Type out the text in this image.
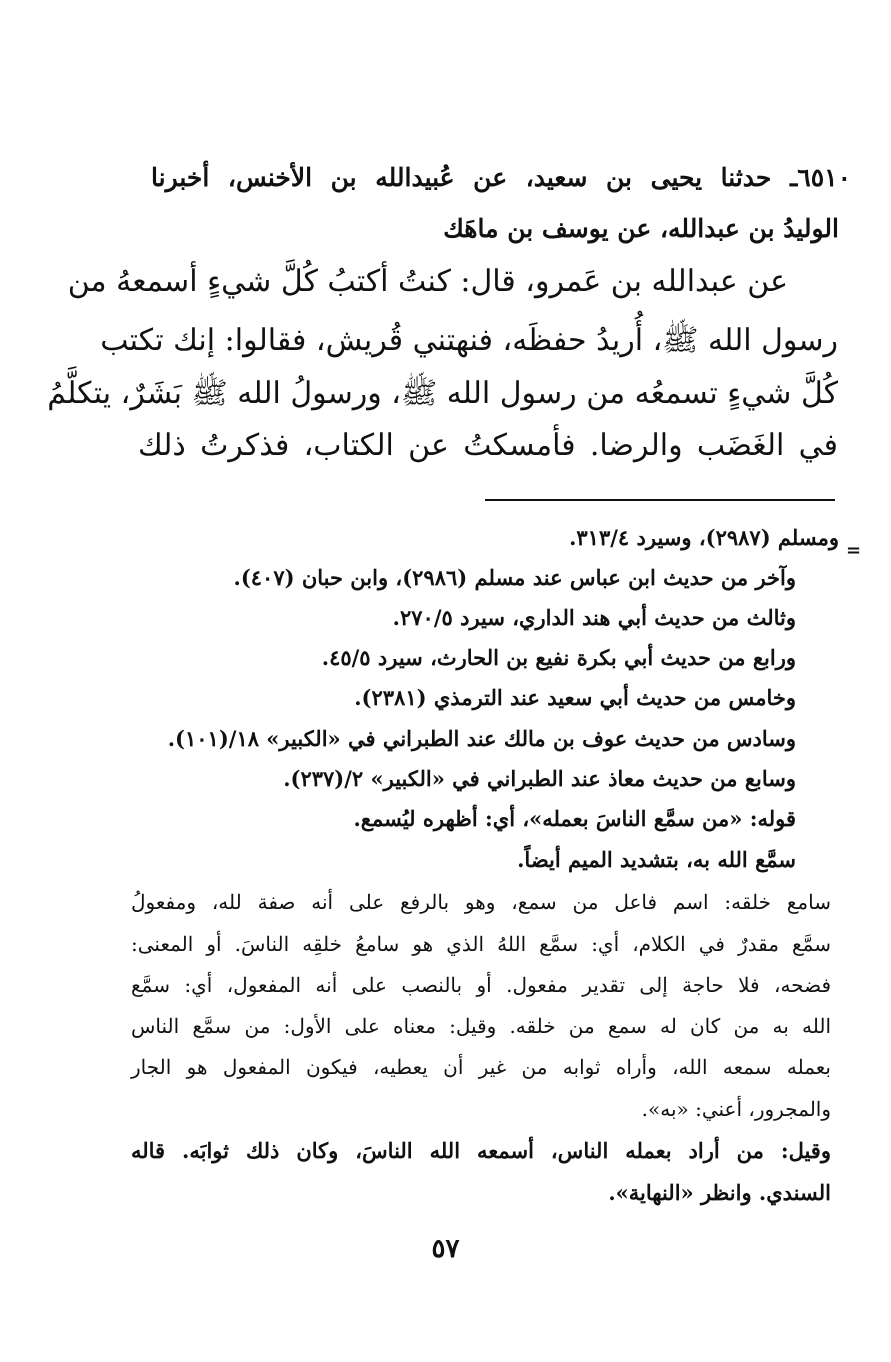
٦٥١٠ـ حدثنا يحيى بن سعيد، عن عُبيدالله بن الأخنس، أخبرنا
الوليدُ بن عبدالله، عن يوسف بن ماهَك
عن عبدالله بن عَمرو، قال: كنتُ أكتبُ كُلَّ شيءٍ أسمعهُ من
رسول الله ﷺ، أُريدُ حفظَه، فنهتني قُريش، فقالوا: إنك تكتب
كُلَّ شيءٍ تسمعُه من رسول الله ﷺ، ورسولُ الله ﷺ بَشَرٌ، يتكلَّمُ
في الغَضَب والرضا. فأمسكتُ عن الكتاب، فذكرتُ ذلك
=
ومسلم (٢٩٨٧)، وسيرد ٣١٣/٤.
وآخر من حديث ابن عباس عند مسلم (٢٩٨٦)، وابن حبان (٤٠٧).
وثالث من حديث أبي هند الداري، سيرد ٢٧٠/٥.
ورابع من حديث أبي بكرة نفيع بن الحارث، سيرد ٤٥/٥.
وخامس من حديث أبي سعيد عند الترمذي (٢٣٨١).
وسادس من حديث عوف بن مالك عند الطبراني في «الكبير» ١٨/(١٠١).
وسابع من حديث معاذ عند الطبراني في «الكبير» ٢/(٢٣٧).
قوله: «من سمَّع الناسَ بعمله»، أي: أظهره ليُسمع.
سمَّع الله به، بتشديد الميم أيضاً.
سامع خلقه: اسم فاعل من سمع، وهو بالرفع على أنه صفة لله، ومفعولُ
سمَّع مقدرٌ في الكلام، أي: سمَّع اللهُ الذي هو سامعُ خلقِه الناسَ. أو المعنى:
فضحه، فلا حاجة إلى تقدير مفعول. أو بالنصب على أنه المفعول، أي: سمَّع
الله به من كان له سمع من خلقه. وقيل: معناه على الأول: من سمَّع الناس
بعمله سمعه الله، وأراه ثوابه من غير أن يعطيه، فيكون المفعول هو الجار
والمجرور، أعني: «به».
وقيل: من أراد بعمله الناس، أسمعه الله الناسَ، وكان ذلك ثوابَه. قاله
السندي. وانظر «النهاية».
٥٧
